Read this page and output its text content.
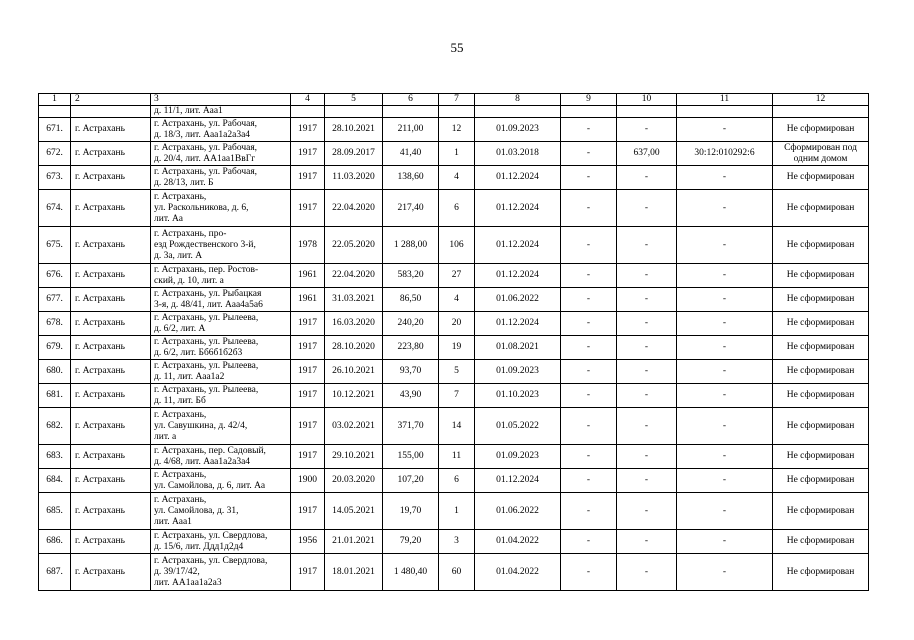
55
1	2	3	4	5	6	7	8	9	10	11	12
		д. 11/1, лит. Ааа1									
671.	г. Астрахань	г. Астрахань, ул. Рабочая,
д. 18/3, лит. Ааа1а2а3а4	1917	28.10.2021	211,00	12	01.09.2023	-	-	-	Не сформирован
672.	г. Астрахань	г. Астрахань, ул. Рабочая,
д. 20/4, лит. АА1аа1ВвГг	1917	28.09.2017	41,40	1	01.03.2018	-	637,00	30:12:010292:6	Сформирован под
одним домом
673.	г. Астрахань	г. Астрахань, ул. Рабочая,
д. 28/13, лит. Б	1917	11.03.2020	138,60	4	01.12.2024	-	-	-	Не сформирован
674.	г. Астрахань	г. Астрахань,
ул. Раскольникова, д. 6,
лит. Аа	1917	22.04.2020	217,40	6	01.12.2024	-	-	-	Не сформирован
675.	г. Астрахань	г. Астрахань, про-
езд Рождественского 3-й,
д. 3а, лит. А	1978	22.05.2020	1 288,00	106	01.12.2024	-	-	-	Не сформирован
676.	г. Астрахань	г. Астрахань, пер. Ростов-
ский, д. 10, лит. а	1961	22.04.2020	583,20	27	01.12.2024	-	-	-	Не сформирован
677.	г. Астрахань	г. Астрахань, ул. Рыбацкая
3-я, д. 48/41, лит. Ааа4а5а6	1961	31.03.2021	86,50	4	01.06.2022	-	-	-	Не сформирован
678.	г. Астрахань	г. Астрахань, ул. Рылеева,
д. 6/2, лит. А	1917	16.03.2020	240,20	20	01.12.2024	-	-	-	Не сформирован
679.	г. Астрахань	г. Астрахань, ул. Рылеева,
д. 6/2, лит. Бб6б1б2б3	1917	28.10.2020	223,80	19	01.08.2021	-	-	-	Не сформирован
680.	г. Астрахань	г. Астрахань, ул. Рылеева,
д. 11, лит. Ааа1а2	1917	26.10.2021	93,70	5	01.09.2023	-	-	-	Не сформирован
681.	г. Астрахань	г. Астрахань, ул. Рылеева,
д. 11, лит. Бб	1917	10.12.2021	43,90	7	01.10.2023	-	-	-	Не сформирован
682.	г. Астрахань	г. Астрахань,
ул. Савушкина, д. 42/4,
лит. а	1917	03.02.2021	371,70	14	01.05.2022	-	-	-	Не сформирован
683.	г. Астрахань	г. Астрахань, пер. Садовый,
д. 4/68, лит. Ааа1а2а3а4	1917	29.10.2021	155,00	11	01.09.2023	-	-	-	Не сформирован
684.	г. Астрахань	г. Астрахань,
ул. Самойлова, д. 6, лит. Аа	1900	20.03.2020	107,20	6	01.12.2024	-	-	-	Не сформирован
685.	г. Астрахань	г. Астрахань,
ул. Самойлова, д. 31,
лит. Ааа1	1917	14.05.2021	19,70	1	01.06.2022	-	-	-	Не сформирован
686.	г. Астрахань	г. Астрахань, ул. Свердлова,
д. 15/6, лит. Ддд1д2д4	1956	21.01.2021	79,20	3	01.04.2022	-	-	-	Не сформирован
687.	г. Астрахань	г. Астрахань, ул. Свердлова,
д. 39/17/42,
лит. АА1аа1а2а3	1917	18.01.2021	1 480,40	60	01.04.2022	-	-	-	Не сформирован
